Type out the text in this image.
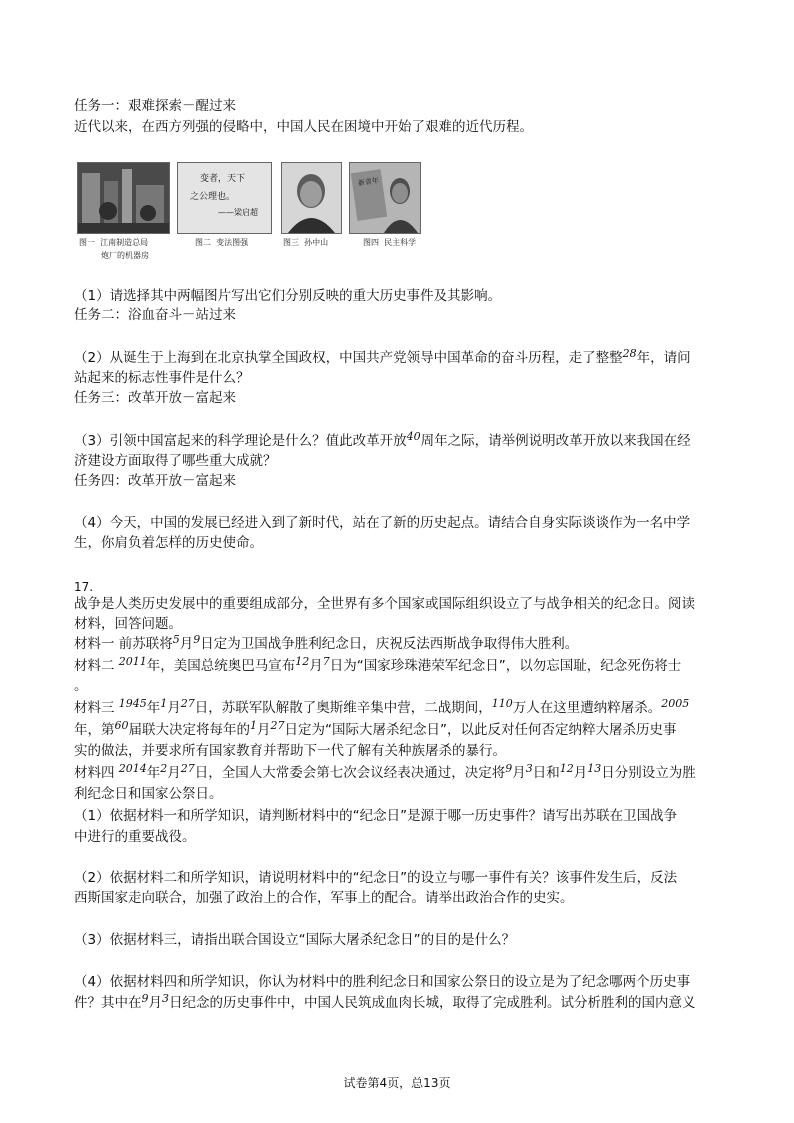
任务一：艰难探索－醒过来
近代以来，在西方列强的侵略中，中国人民在困境中开始了艰难的近代历程。
变者，天下
之公理也。
——梁启超
新青年
图一 江南制造总局
炮厂的机器房
图二 变法图强	图三 孙中山	图四 民主科学
（1）请选择其中两幅图片写出它们分别反映的重大历史事件及其影响。
任务二：浴血奋斗－站过来
（2）从诞生于上海到在北京执掌全国政权，中国共产党领导中国革命的奋斗历程，走了整整$^{28}$年，请问
站起来的标志性事件是什么？
任务三：改革开放－富起来
（3）引领中国富起来的科学理论是什么？值此改革开放$^{40}$周年之际，请举例说明改革开放以来我国在经
济建设方面取得了哪些重大成就？
任务四：改革开放－富起来
（4）今天，中国的发展已经进入到了新时代，站在了新的历史起点。请结合自身实际谈谈作为一名中学
生，你肩负着怎样的历史使命。
17.
战争是人类历史发展中的重要组成部分，全世界有多个国家或国际组织设立了与战争相关的纪念日。阅读
材料，回答问题。
材料一 前苏联将$^5$月$^9$日定为卫国战争胜利纪念日，庆祝反法西斯战争取得伟大胜利。
材料二 $^{2011}$年，美国总统奥巴马宣布$^{12}$月$^7$日为“国家珍珠港荣军纪念日”，以勿忘国耻，纪念死伤将士
。
材料三 $^{1945}$年$^1$月$^{27}$日，苏联军队解散了奥斯维辛集中营，二战期间，$^{110}$万人在这里遭纳粹屠杀。$^{2005}$
年，第$^{60}$届联大决定将每年的$^1$月$^{27}$日定为“国际大屠杀纪念日”，以此反对任何否定纳粹大屠杀历史事
实的做法，并要求所有国家教育并帮助下一代了解有关种族屠杀的暴行。
材料四 $^{2014}$年$^2$月$^{27}$日，全国人大常委会第七次会议经表决通过，决定将$^9$月$^3$日和$^{12}$月$^{13}$日分别设立为胜
利纪念日和国家公祭日。
（1）依据材料一和所学知识，请判断材料中的“纪念日”是源于哪一历史事件？请写出苏联在卫国战争
中进行的重要战役。
（2）依据材料二和所学知识，请说明材料中的“纪念日”的设立与哪一事件有关？该事件发生后，反法
西斯国家走向联合，加强了政治上的合作，军事上的配合。请举出政治合作的史实。
（3）依据材料三，请指出联合国设立“国际大屠杀纪念日”的目的是什么？
（4）依据材料四和所学知识，你认为材料中的胜利纪念日和国家公祭日的设立是为了纪念哪两个历史事
件？其中在$^9$月$^3$日纪念的历史事件中，中国人民筑成血肉长城，取得了完成胜利。试分析胜利的国内意义
试卷第4页，总13页
